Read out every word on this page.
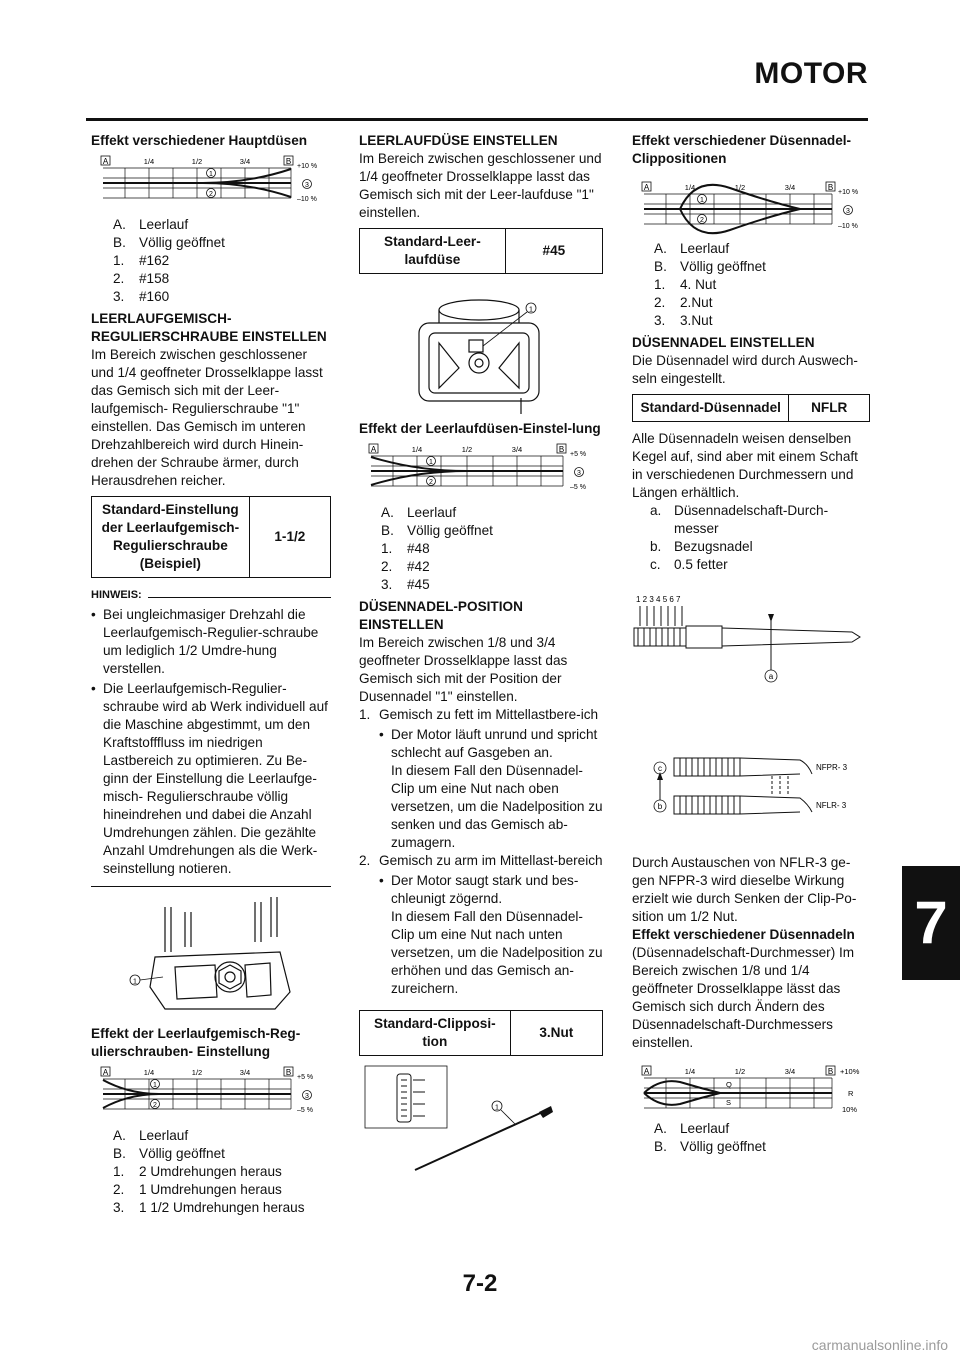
MOTOR
Effekt verschiedener Hauptdüsen
A	B
1/4	1/2	3/4
1
2
+10 %
3
–10 %
A. Leerlauf
B. Völlig geöffnet
1.	#162
2.	#158
3.	#160
LEERLAUFGEMISCH-REGULIERSCHRAUBE EINSTELLEN

Im Bereich zwischen geschlossener und 1/4 geoffneter Drosselklappe lasst das Gemisch sich mit der Leer-laufgemisch- Regulierschraube "1" einstellen. Das Gemisch im unteren Drehzahlbereich wird durch Hinein-drehen der Schraube ärmer, durch Herausdrehen reicher.

Standard-Einstellung der Leerlaufgemisch-Regulierschraube (Beispiel)	1-1/2
HINWEIS:
• Bei ungleichmasiger Drehzahl die Leerlaufgemisch-Regulier-schraube um lediglich 1/2 Umdre-hung verstellen.
• Die Leerlaufgemisch-Regulier-schraube wird ab Werk individuell auf die Maschine abgestimmt, um den Kraftstofffluss im niedrigen Lastbereich zu optimieren. Zu Be-ginn der Einstellung die Leerlaufge-misch- Regulierschraube völlig hineindrehen und dabei die Anzahl Umdrehungen zählen. Die gezählte Anzahl Umdrehungen als die Werk-seinstellung notieren.
1
Effekt der Leerlaufgemisch-Reg-ulierschrauben- Einstellung
A	B
1/4	1/2	3/4
1
2
+5 %
3
–5 %
A. Leerlauf
B. Völlig geöffnet
1.	2 Umdrehungen heraus
2.	1 Umdrehungen heraus
3.	1 1/2 Umdrehungen heraus
LEERLAUFDÜSE EINSTELLEN

Im Bereich zwischen geschlossener und 1/4 geoffneter Drosselklappe lasst das Gemisch sich mit der Leer-laufduse "1" einstellen.

Standard-Leer-laufdüse	#45
1
Effekt der Leerlaufdüsen-Einstel-lung
A	B
1/4	1/2	3/4
1
2
+5 %
3
–5 %
A. Leerlauf
B. Völlig geöffnet
1.	#48
2.	#42
3.	#45
DÜSENNADEL-POSITION EINSTELLEN

Im Bereich zwischen 1/8 und 3/4 geoffneter Drosselklappe lasst das Gemisch sich mit der Position der Dusennadel "1" einstellen.

1. Gemisch zu fett im Mittellastbere-ich
• Der Motor läuft unrund und spricht schlecht auf Gasgeben an.

In diesem Fall den Düsennadel-Clip um eine Nut nach oben versetzen, um die Nadelposition zu senken und das Gemisch ab-zumagern.

2. Gemisch zu arm im Mittellast-bereich
• Der Motor saugt stark und bes-chleunigt zögernd.

In diesem Fall den Düsennadel-Clip um eine Nut nach unten versetzen, um die Nadelposition zu erhöhen und das Gemisch an-zureichern.

Standard-Clipposi-tion	3.Nut
1
Effekt verschiedener Düsennadel-Clippositionen
A	B
1/4	1/2	3/4
1
2
+10 %
3
–10 %
A. Leerlauf
B. Völlig geöffnet
1.	4. Nut
2.	2.Nut
3.	3.Nut
DÜSENNADEL EINSTELLEN

Die Düsennadel wird durch Auswech-seln eingestellt.

Standard-Düsennadel	NFLR

Alle Düsennadeln weisen denselben Kegel auf, sind aber mit einem Schaft in verschiedenen Durchmessern und Längen erhältlich.

a. Düsennadelschaft-Durch-messer
b. Bezugsnadel
c. 0.5 fetter
1 2 3 4 5 6 7
a
c
b
NFPR- 3
NFLR- 3

Durch Austauschen von NFLR-3 ge-gen NFPR-3 wird dieselbe Wirkung erzielt wie durch Senken der Clip-Po-sition um 1/2 Nut.

Effekt verschiedener Düsennadeln

(Düsennadelschaft-Durchmesser) Im Bereich zwischen 1/8 und 1/4 geöffneter Drosselklappe lässt das Gemisch sich durch Ändern des Düsennadelschaft-Durchmessers einstellen.

A	B
1/4	1/2	3/4
Q
S
+10%
R
10%
A. Leerlauf
B. Völlig geöffnet
7
7-2
carmanualsonline.info
